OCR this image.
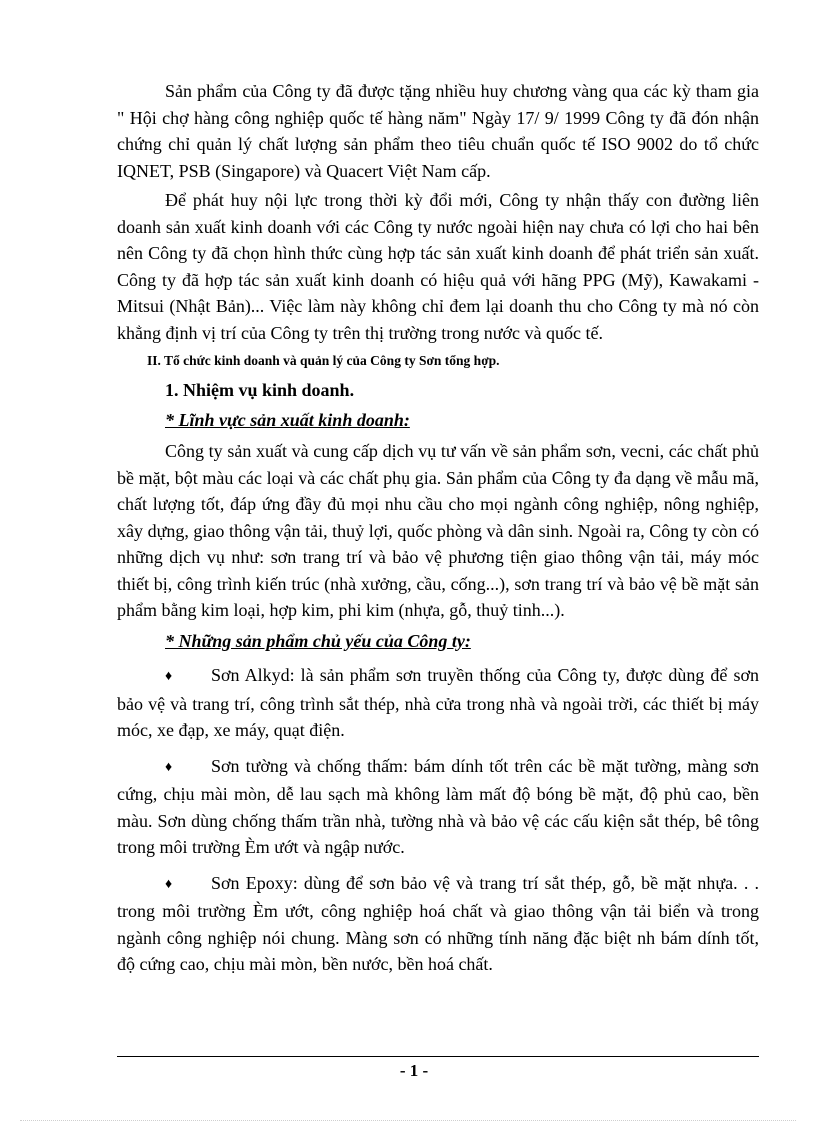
Sản phẩm của Công ty đã được tặng nhiều huy chương vàng qua các kỳ tham gia " Hội chợ hàng công nghiệp quốc tế hàng năm" Ngày 17/ 9/ 1999 Công ty đã đón nhận chứng chỉ quản lý chất lượng sản phẩm theo tiêu chuẩn quốc tế ISO 9002 do tổ chức IQNET, PSB (Singapore) và Quacert Việt Nam cấp.

Để phát huy nội lực trong thời kỳ đổi mới, Công ty nhận thấy con đường liên doanh sản xuất kinh doanh với các Công ty nước ngoài hiện nay chưa có lợi cho hai bên nên Công ty đã chọn hình thức cùng hợp tác sản xuất kinh doanh để phát triển sản xuất. Công ty đã hợp tác sản xuất kinh doanh có hiệu quả với hãng PPG (Mỹ), Kawakami - Mitsui (Nhật Bản)... Việc làm này không chỉ đem lại doanh thu cho Công ty mà nó còn khẳng định vị trí của Công ty trên thị trường trong nước và quốc tế.

II. Tổ chức kinh doanh và quản lý của Công ty Sơn tổng hợp.

1. Nhiệm vụ kinh doanh.

* Lĩnh vực sản xuất kinh doanh:

Công ty sản xuất và cung cấp dịch vụ tư vấn về sản phẩm sơn, vecni, các chất phủ bề mặt, bột màu các loại và các chất phụ gia. Sản phẩm của Công ty đa dạng về mẫu mã, chất lượng tốt, đáp ứng đầy đủ mọi nhu cầu cho mọi ngành công nghiệp, nông nghiệp, xây dựng, giao thông vận tải, thuỷ lợi, quốc phòng và dân sinh. Ngoài ra, Công ty còn có những dịch vụ như: sơn trang trí và bảo vệ phương tiện giao thông vận tải, máy móc thiết bị, công trình kiến trúc (nhà xưởng, cầu, cống...), sơn trang trí và bảo vệ bề mặt sản phẩm bằng kim loại, hợp kim, phi kim (nhựa, gỗ, thuỷ tinh...).

* Những sản phẩm chủ yếu của Công ty:

♦ Sơn Alkyd: là sản phẩm sơn truyền thống của Công ty, được dùng để sơn bảo vệ và trang trí, công trình sắt thép, nhà cửa trong nhà và ngoài trời, các thiết bị máy móc, xe đạp, xe máy, quạt điện.

♦ Sơn tường và chống thấm: bám dính tốt trên các bề mặt tường, màng sơn cứng, chịu mài mòn, dễ lau sạch mà không làm mất độ bóng bề mặt, độ phủ cao, bền màu. Sơn dùng chống thấm trần nhà, tường nhà và bảo vệ các cấu kiện sắt thép, bê tông trong môi trường Èm ướt và ngập nước.

♦ Sơn Epoxy: dùng để sơn bảo vệ và trang trí sắt thép, gỗ, bề mặt nhựa. . . trong môi trường Èm ướt, công nghiệp hoá chất và giao thông vận tải biển và trong ngành công nghiệp nói chung. Màng sơn có những tính năng đặc biệt nh bám dính tốt, độ cứng cao, chịu mài mòn, bền nước, bền hoá chất.

- 1 -
